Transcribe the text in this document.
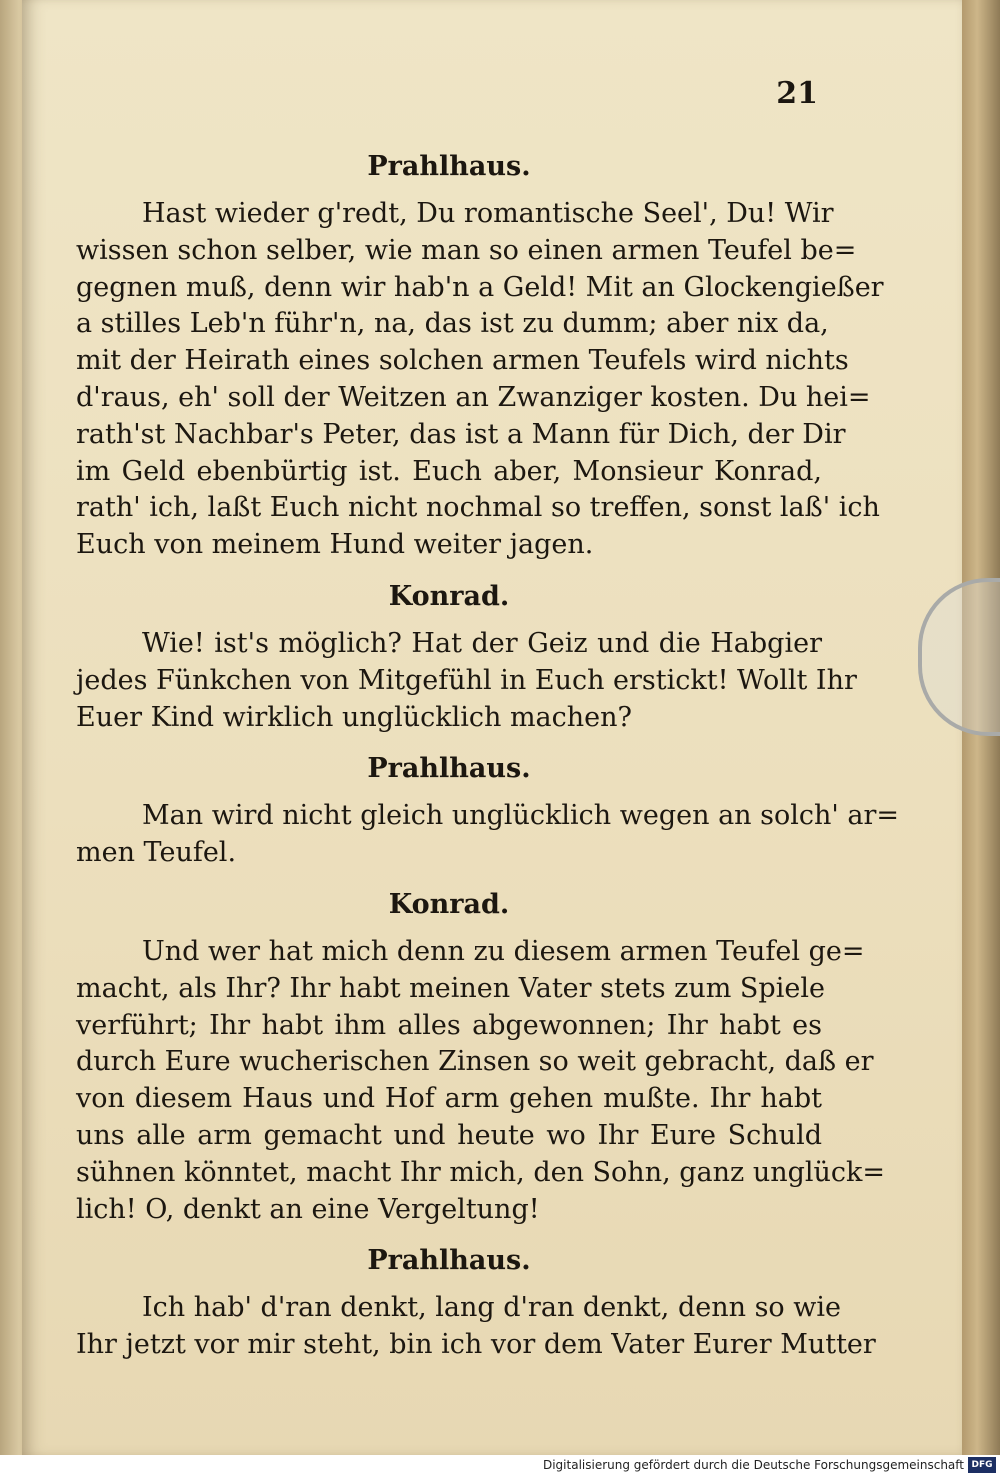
21
Prahlhaus.
Hast wieder g'redt, Du romantische Seel', Du! Wir
wissen schon selber, wie man so einen armen Teufel be=
gegnen muß, denn wir hab'n a Geld! Mit an Glockengießer
a stilles Leb'n führ'n, na, das ist zu dumm; aber nix da,
mit der Heirath eines solchen armen Teufels wird nichts
d'raus, eh' soll der Weitzen an Zwanziger kosten. Du hei=
rath'st Nachbar's Peter, das ist a Mann für Dich, der Dir
im Geld ebenbürtig ist. Euch aber, Monsieur Konrad,
rath' ich, laßt Euch nicht nochmal so treffen, sonst laß' ich
Euch von meinem Hund weiter jagen.
Konrad.
Wie! ist's möglich? Hat der Geiz und die Habgier
jedes Fünkchen von Mitgefühl in Euch erstickt! Wollt Ihr
Euer Kind wirklich unglücklich machen?
Prahlhaus.
Man wird nicht gleich unglücklich wegen an solch' ar=
men Teufel.
Konrad.
Und wer hat mich denn zu diesem armen Teufel ge=
macht, als Ihr? Ihr habt meinen Vater stets zum Spiele
verführt; Ihr habt ihm alles abgewonnen; Ihr habt es
durch Eure wucherischen Zinsen so weit gebracht, daß er
von diesem Haus und Hof arm gehen mußte. Ihr habt
uns alle arm gemacht und heute wo Ihr Eure Schuld
sühnen könntet, macht Ihr mich, den Sohn, ganz unglück=
lich! O, denkt an eine Vergeltung!
Prahlhaus.
Ich hab' d'ran denkt, lang d'ran denkt, denn so wie
Ihr jetzt vor mir steht, bin ich vor dem Vater Eurer Mutter
Digitalisierung gefördert durch die Deutsche Forschungsgemeinschaft DFG
